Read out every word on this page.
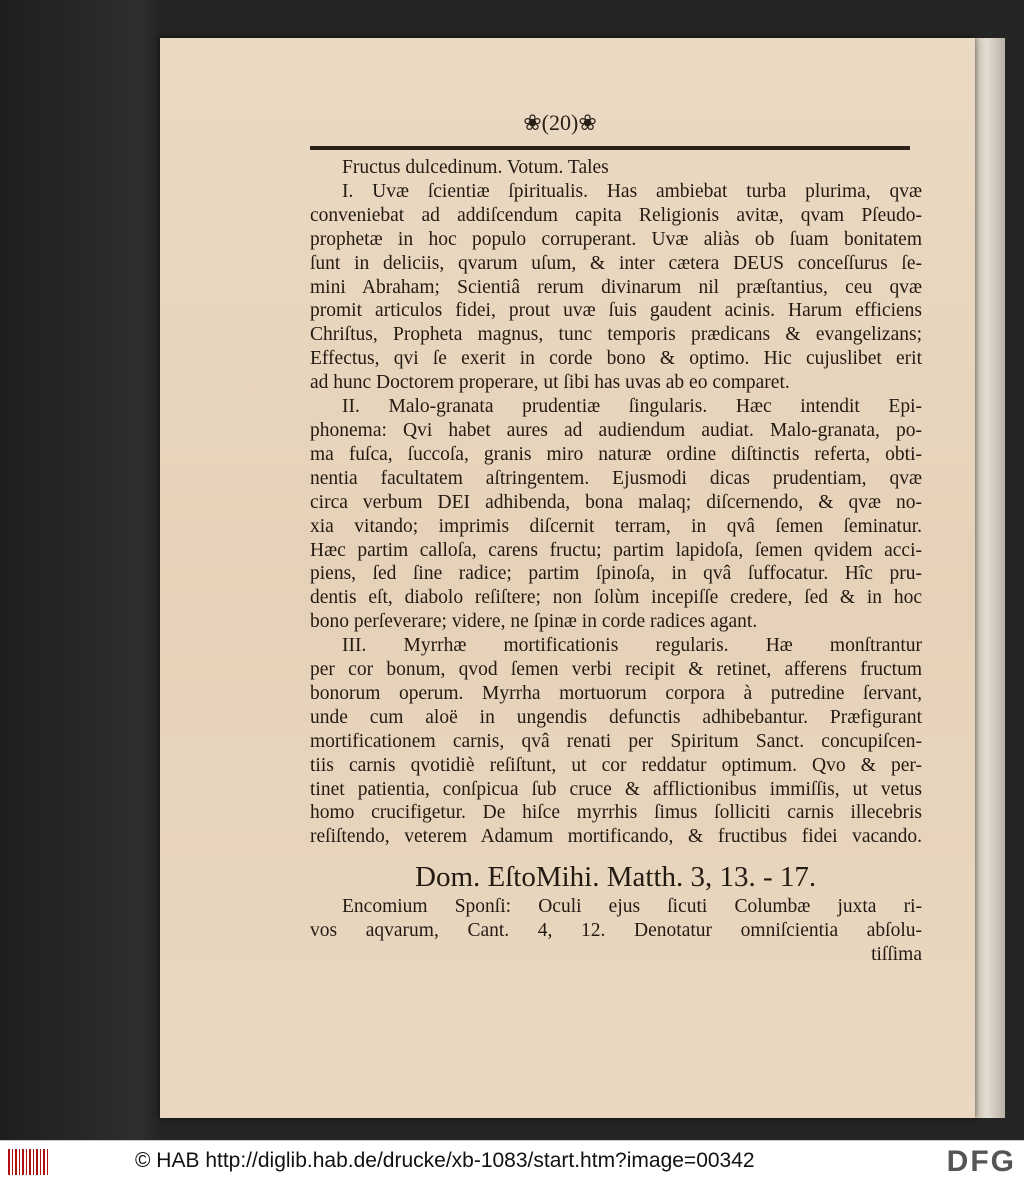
❀(20)❀
Fructus dulcedinum. Votum. Tales
I. Uvæ ſcientiæ ſpiritualis. Has ambiebat turba plurima, qvæ
conveniebat ad addiſcendum capita Religionis avitæ, qvam Pſeudo-
prophetæ in hoc populo corruperant. Uvæ aliàs ob ſuam bonitatem
ſunt in deliciis, qvarum uſum, & inter cætera DEUS conceſſurus ſe-
mini Abraham; Scientiâ rerum divinarum nil præſtantius, ceu qvæ
promit articulos fidei, prout uvæ ſuis gaudent acinis. Harum efficiens
Chriſtus, Propheta magnus, tunc temporis prædicans & evangelizans;
Effectus, qvi ſe exerit in corde bono & optimo. Hic cujuslibet erit
ad hunc Doctorem properare, ut ſibi has uvas ab eo comparet.
II. Malo-granata prudentiæ ſingularis. Hæc intendit Epi-
phonema: Qvi habet aures ad audiendum audiat. Malo-granata, po-
ma fuſca, ſuccoſa, granis miro naturæ ordine diſtinctis referta, obti-
nentia facultatem aſtringentem. Ejusmodi dicas prudentiam, qvæ
circa verbum DEI adhibenda, bona malaq; diſcernendo, & qvæ no-
xia vitando; imprimis diſcernit terram, in qvâ ſemen ſeminatur.
Hæc partim calloſa, carens fructu; partim lapidoſa, ſemen qvidem acci-
piens, ſed ſine radice; partim ſpinoſa, in qvâ ſuffocatur. Hîc pru-
dentis eſt, diabolo reſiſtere; non ſolùm incepiſſe credere, ſed & in hoc
bono perſeverare; videre, ne ſpinæ in corde radices agant.
III. Myrrhæ mortificationis regularis. Hæ monſtrantur
per cor bonum, qvod ſemen verbi recipit & retinet, afferens fructum
bonorum operum. Myrrha mortuorum corpora à putredine ſervant,
unde cum aloë in ungendis defunctis adhibebantur. Præfigurant
mortificationem carnis, qvâ renati per Spiritum Sanct. concupiſcen-
tiis carnis qvotidiè reſiſtunt, ut cor reddatur optimum. Qvo & per-
tinet patientia, conſpicua ſub cruce & afflictionibus immiſſis, ut vetus
homo crucifigetur. De hiſce myrrhis ſimus ſolliciti carnis illecebris
reſiſtendo, veterem Adamum mortificando, & fructibus fidei vacando.
Dom. EſtoMihi. Matth. 3, 13. - 17.
Encomium Sponſi: Oculi ejus ſicuti Columbæ juxta ri-
vos aqvarum, Cant. 4, 12. Denotatur omniſcientia abſolu-
tiſſima
© HAB http://diglib.hab.de/drucke/xb-1083/start.htm?image=00342	DFG
